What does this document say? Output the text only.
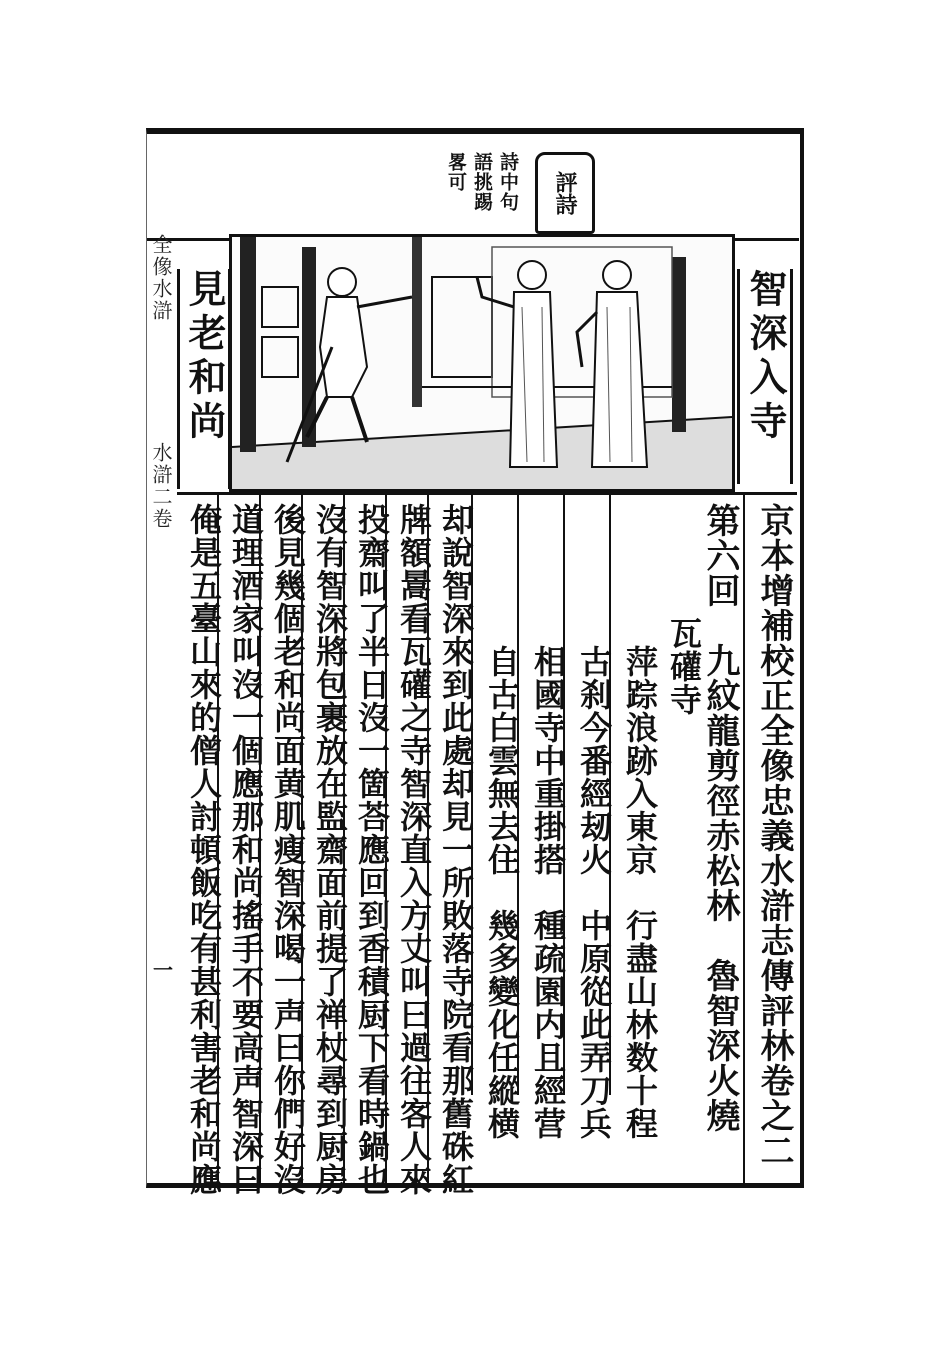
評詩
詩中句
語挑踢
畧可
全像水滸
水滸二卷
見老和尚	智深入寺
京本增補校正全像忠義水滸志傳評林卷之二
第六回　九紋龍剪徑赤松林　魯智深火燒
瓦礶寺
萍踪浪跡入東京　行盡山林数十程
古刹今番經刼火　中原從此弄刀兵
相國寺中重掛搭　種疏園内且經营
自古白雲無去住　幾多變化任縱横
却說智深來到此處却見一所敗落寺院看那舊硃紅
牌額暠看瓦礶之寺智深直入方丈叫曰過往客人來
投齋叫了半日沒一箇荅應回到香積厨下看時鍋也
沒有智深將包裹放在監齋面前提了禅杖尋到厨房
後見幾個老和尚面黄肌瘦智深喝一声曰你們好沒
道理酒家叫沒一個應那和尚搖手不要高声智深曰
俺是五臺山來的僧人討頓飯吃有甚利害老和尚應
一
